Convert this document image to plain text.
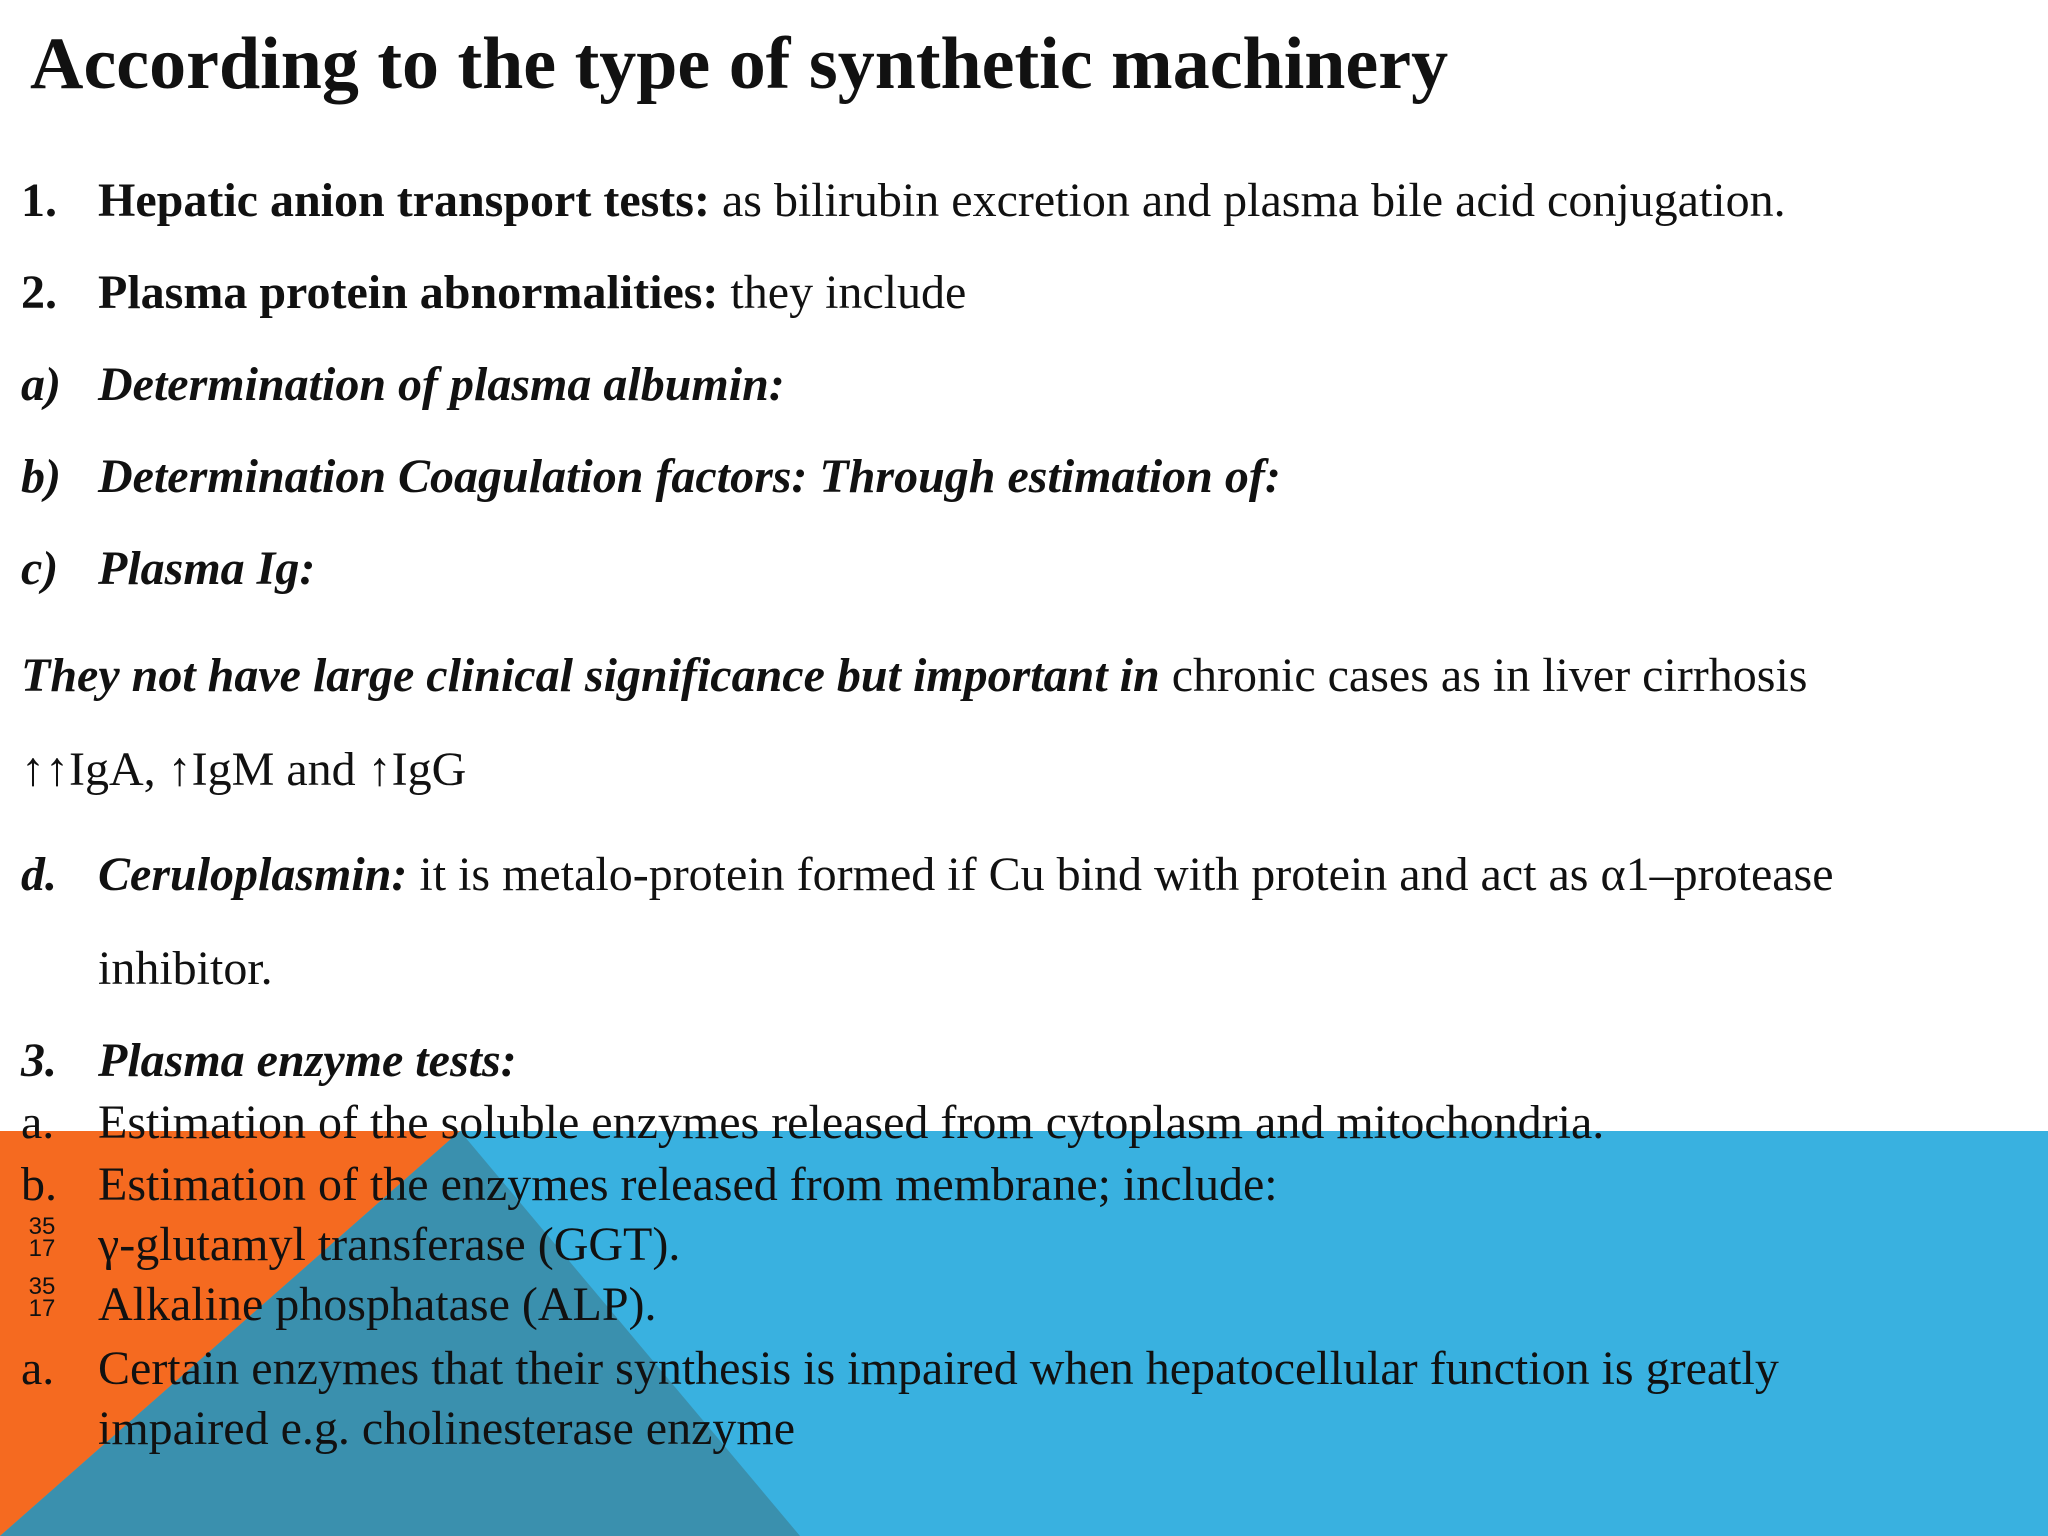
According to the type of synthetic machinery
1. Hepatic anion transport tests: as bilirubin excretion and plasma bile acid conjugation.
2. Plasma protein abnormalities: they include
a) Determination of plasma albumin:
b) Determination Coagulation factors: Through estimation of:
c) Plasma Ig:
They not have large clinical significance but important in chronic cases as in liver cirrhosis
↑↑IgA, ↑IgM and ↑IgG
d. Ceruloplasmin: it is metalo-protein formed if Cu bind with protein and act as α1–protease
inhibitor.
3. Plasma enzyme tests:
a. Estimation of the soluble enzymes released from cytoplasm and mitochondria.
b. Estimation of the enzymes released from membrane; include:
35
17 γ-glutamyl transferase (GGT).
35
17 Alkaline phosphatase (ALP).
a. Certain enzymes that their synthesis is impaired when hepatocellular function is greatly
impaired e.g. cholinesterase enzyme
